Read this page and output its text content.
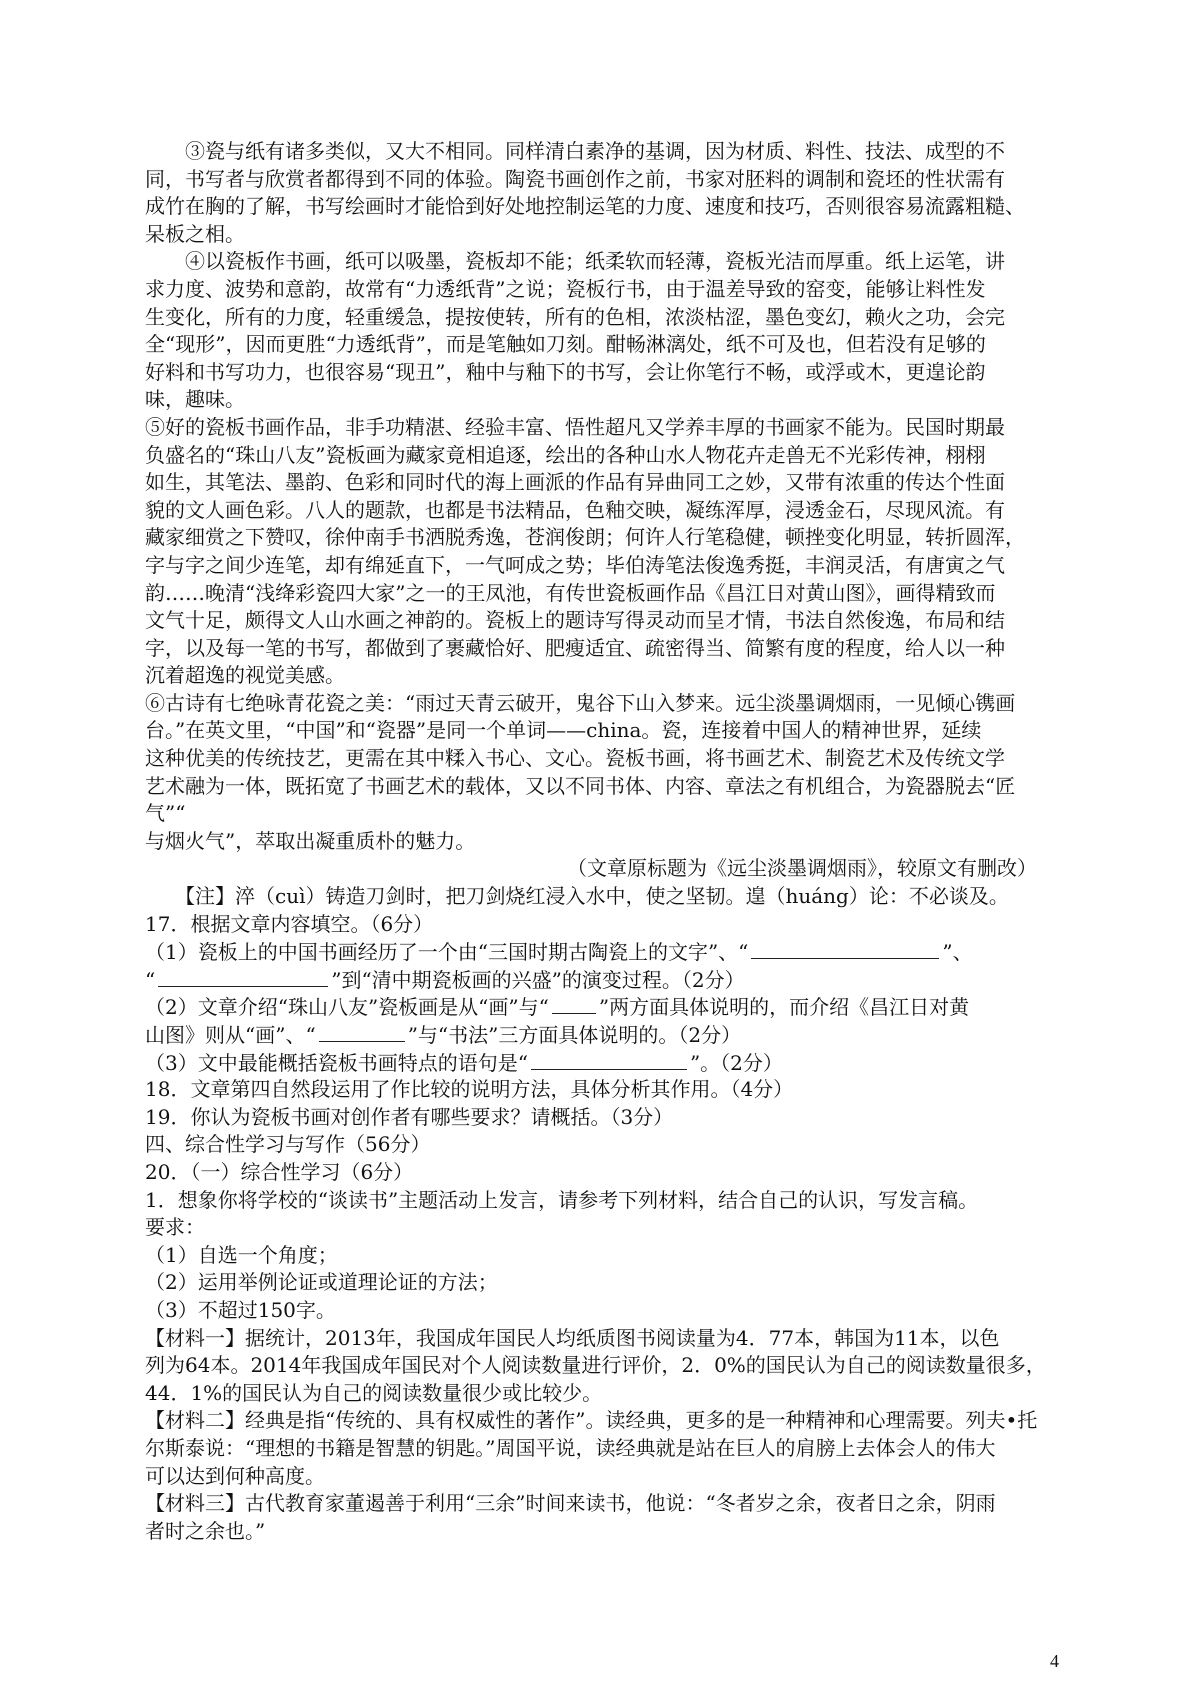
③瓷与纸有诸多类似，又大不相同。同样清白素净的基调，因为材质、料性、技法、成型的不
同，书写者与欣赏者都得到不同的体验。陶瓷书画创作之前，书家对胚料的调制和瓷坯的性状需有
成竹在胸的了解，书写绘画时才能恰到好处地控制运笔的力度、速度和技巧，否则很容易流露粗糙、
呆板之相。
④以瓷板作书画，纸可以吸墨，瓷板却不能；纸柔软而轻薄，瓷板光洁而厚重。纸上运笔，讲
求力度、波势和意韵，故常有“力透纸背”之说；瓷板行书，由于温差导致的窑变，能够让料性发
生变化，所有的力度，轻重缓急，提按使转，所有的色相，浓淡枯涩，墨色变幻，赖火之功，会完
全“现形”，因而更胜“力透纸背”，而是笔触如刀刻。酣畅淋漓处，纸不可及也，但若没有足够的
好料和书写功力，也很容易“现丑”，釉中与釉下的书写，会让你笔行不畅，或浮或木，更遑论韵
味，趣味。
⑤好的瓷板书画作品，非手功精湛、经验丰富、悟性超凡又学养丰厚的书画家不能为。民国时期最
负盛名的“珠山八友”瓷板画为藏家竟相追逐，绘出的各种山水人物花卉走兽无不光彩传神，栩栩
如生，其笔法、墨韵、色彩和同时代的海上画派的作品有异曲同工之妙，又带有浓重的传达个性面
貌的文人画色彩。八人的题款，也都是书法精品，色釉交映，凝练浑厚，浸透金石，尽现风流。有
藏家细赏之下赞叹，徐仲南手书洒脱秀逸，苍润俊朗；何许人行笔稳健，顿挫变化明显，转折圆浑，
字与字之间少连笔，却有绵延直下，一气呵成之势；毕伯涛笔法俊逸秀挺，丰润灵活，有唐寅之气
韵……晚清“浅绛彩瓷四大家”之一的王凤池，有传世瓷板画作品《昌江日对黄山图》，画得精致而
文气十足，颇得文人山水画之神韵的。瓷板上的题诗写得灵动而呈才情，书法自然俊逸，布局和结
字，以及每一笔的书写，都做到了裹藏恰好、肥瘦适宜、疏密得当、简繁有度的程度，给人以一种
沉着超逸的视觉美感。
⑥古诗有七绝咏青花瓷之美：“雨过天青云破开，鬼谷下山入梦来。远尘淡墨调烟雨，一见倾心镌画
台。”在英文里，“中国”和“瓷器”是同一个单词——china。瓷，连接着中国人的精神世界，延续
这种优美的传统技艺，更需在其中糅入书心、文心。瓷板书画，将书画艺术、制瓷艺术及传统文学
艺术融为一体，既拓宽了书画艺术的载体，又以不同书体、内容、章法之有机组合，为瓷器脱去“匠
气”“
与烟火气”，萃取出凝重质朴的魅力。
（文章原标题为《远尘淡墨调烟雨》，较原文有删改）
【注】淬（cuì）铸造刀剑时，把刀剑烧红浸入水中，使之坚韧。遑（huáng）论：不必谈及。
17．根据文章内容填空。（6分）
（1）瓷板上的中国书画经历了一个由“三国时期古陶瓷上的文字”、“	”、
“	”到“清中期瓷板画的兴盛”的演变过程。（2分）
（2）文章介绍“珠山八友”瓷板画是从“画”与“	”两方面具体说明的，而介绍《昌江日对黄
山图》则从“画”、“	”与“书法”三方面具体说明的。（2分）
（3）文中最能概括瓷板书画特点的语句是“	”。（2分）
18．文章第四自然段运用了作比较的说明方法，具体分析其作用。（4分）
19．你认为瓷板书画对创作者有哪些要求？请概括。（3分）
四、综合性学习与写作（56分）
20．（一）综合性学习（6分）
1．想象你将学校的“谈读书”主题活动上发言，请参考下列材料，结合自己的认识，写发言稿。
要求：
（1）自选一个角度；
（2）运用举例论证或道理论证的方法；
（3）不超过150字。
【材料一】据统计，2013年，我国成年国民人均纸质图书阅读量为4．77本，韩国为11本，以色
列为64本。2014年我国成年国民对个人阅读数量进行评价，2．0%的国民认为自己的阅读数量很多，
44．1%的国民认为自己的阅读数量很少或比较少。
【材料二】经典是指“传统的、具有权威性的著作”。读经典，更多的是一种精神和心理需要。列夫•托
尔斯泰说：“理想的书籍是智慧的钥匙。”周国平说，读经典就是站在巨人的肩膀上去体会人的伟大
可以达到何种高度。
【材料三】古代教育家董遏善于利用“三余”时间来读书，他说：“冬者岁之余，夜者日之余，阴雨
者时之余也。”
4
